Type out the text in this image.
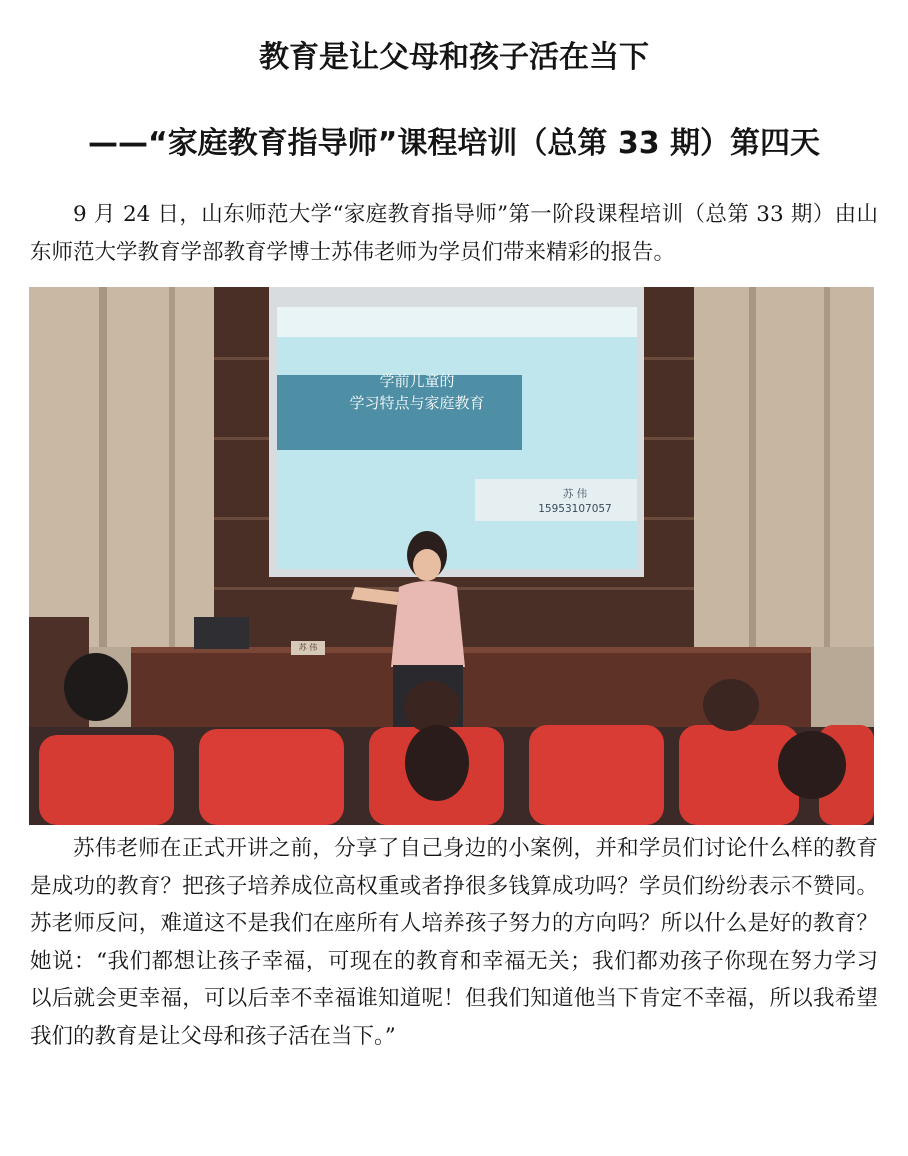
教育是让父母和孩子活在当下
——“家庭教育指导师”课程培训（总第 33 期）第四天

9 月 24 日，山东师范大学“家庭教育指导师”第一阶段课程培训（总第 33 期）由山东师范大学教育学部教育学博士苏伟老师为学员们带来精彩的报告。

学前儿童的
学习特点与家庭教育
苏 伟
15953107057
苏 伟

苏伟老师在正式开讲之前，分享了自己身边的小案例，并和学员们讨论什么样的教育是成功的教育？把孩子培养成位高权重或者挣很多钱算成功吗？学员们纷纷表示不赞同。苏老师反问，难道这不是我们在座所有人培养孩子努力的方向吗？所以什么是好的教育？她说：“我们都想让孩子幸福，可现在的教育和幸福无关；我们都劝孩子你现在努力学习以后就会更幸福，可以后幸不幸福谁知道呢！但我们知道他当下肯定不幸福，所以我希望我们的教育是让父母和孩子活在当下。”
